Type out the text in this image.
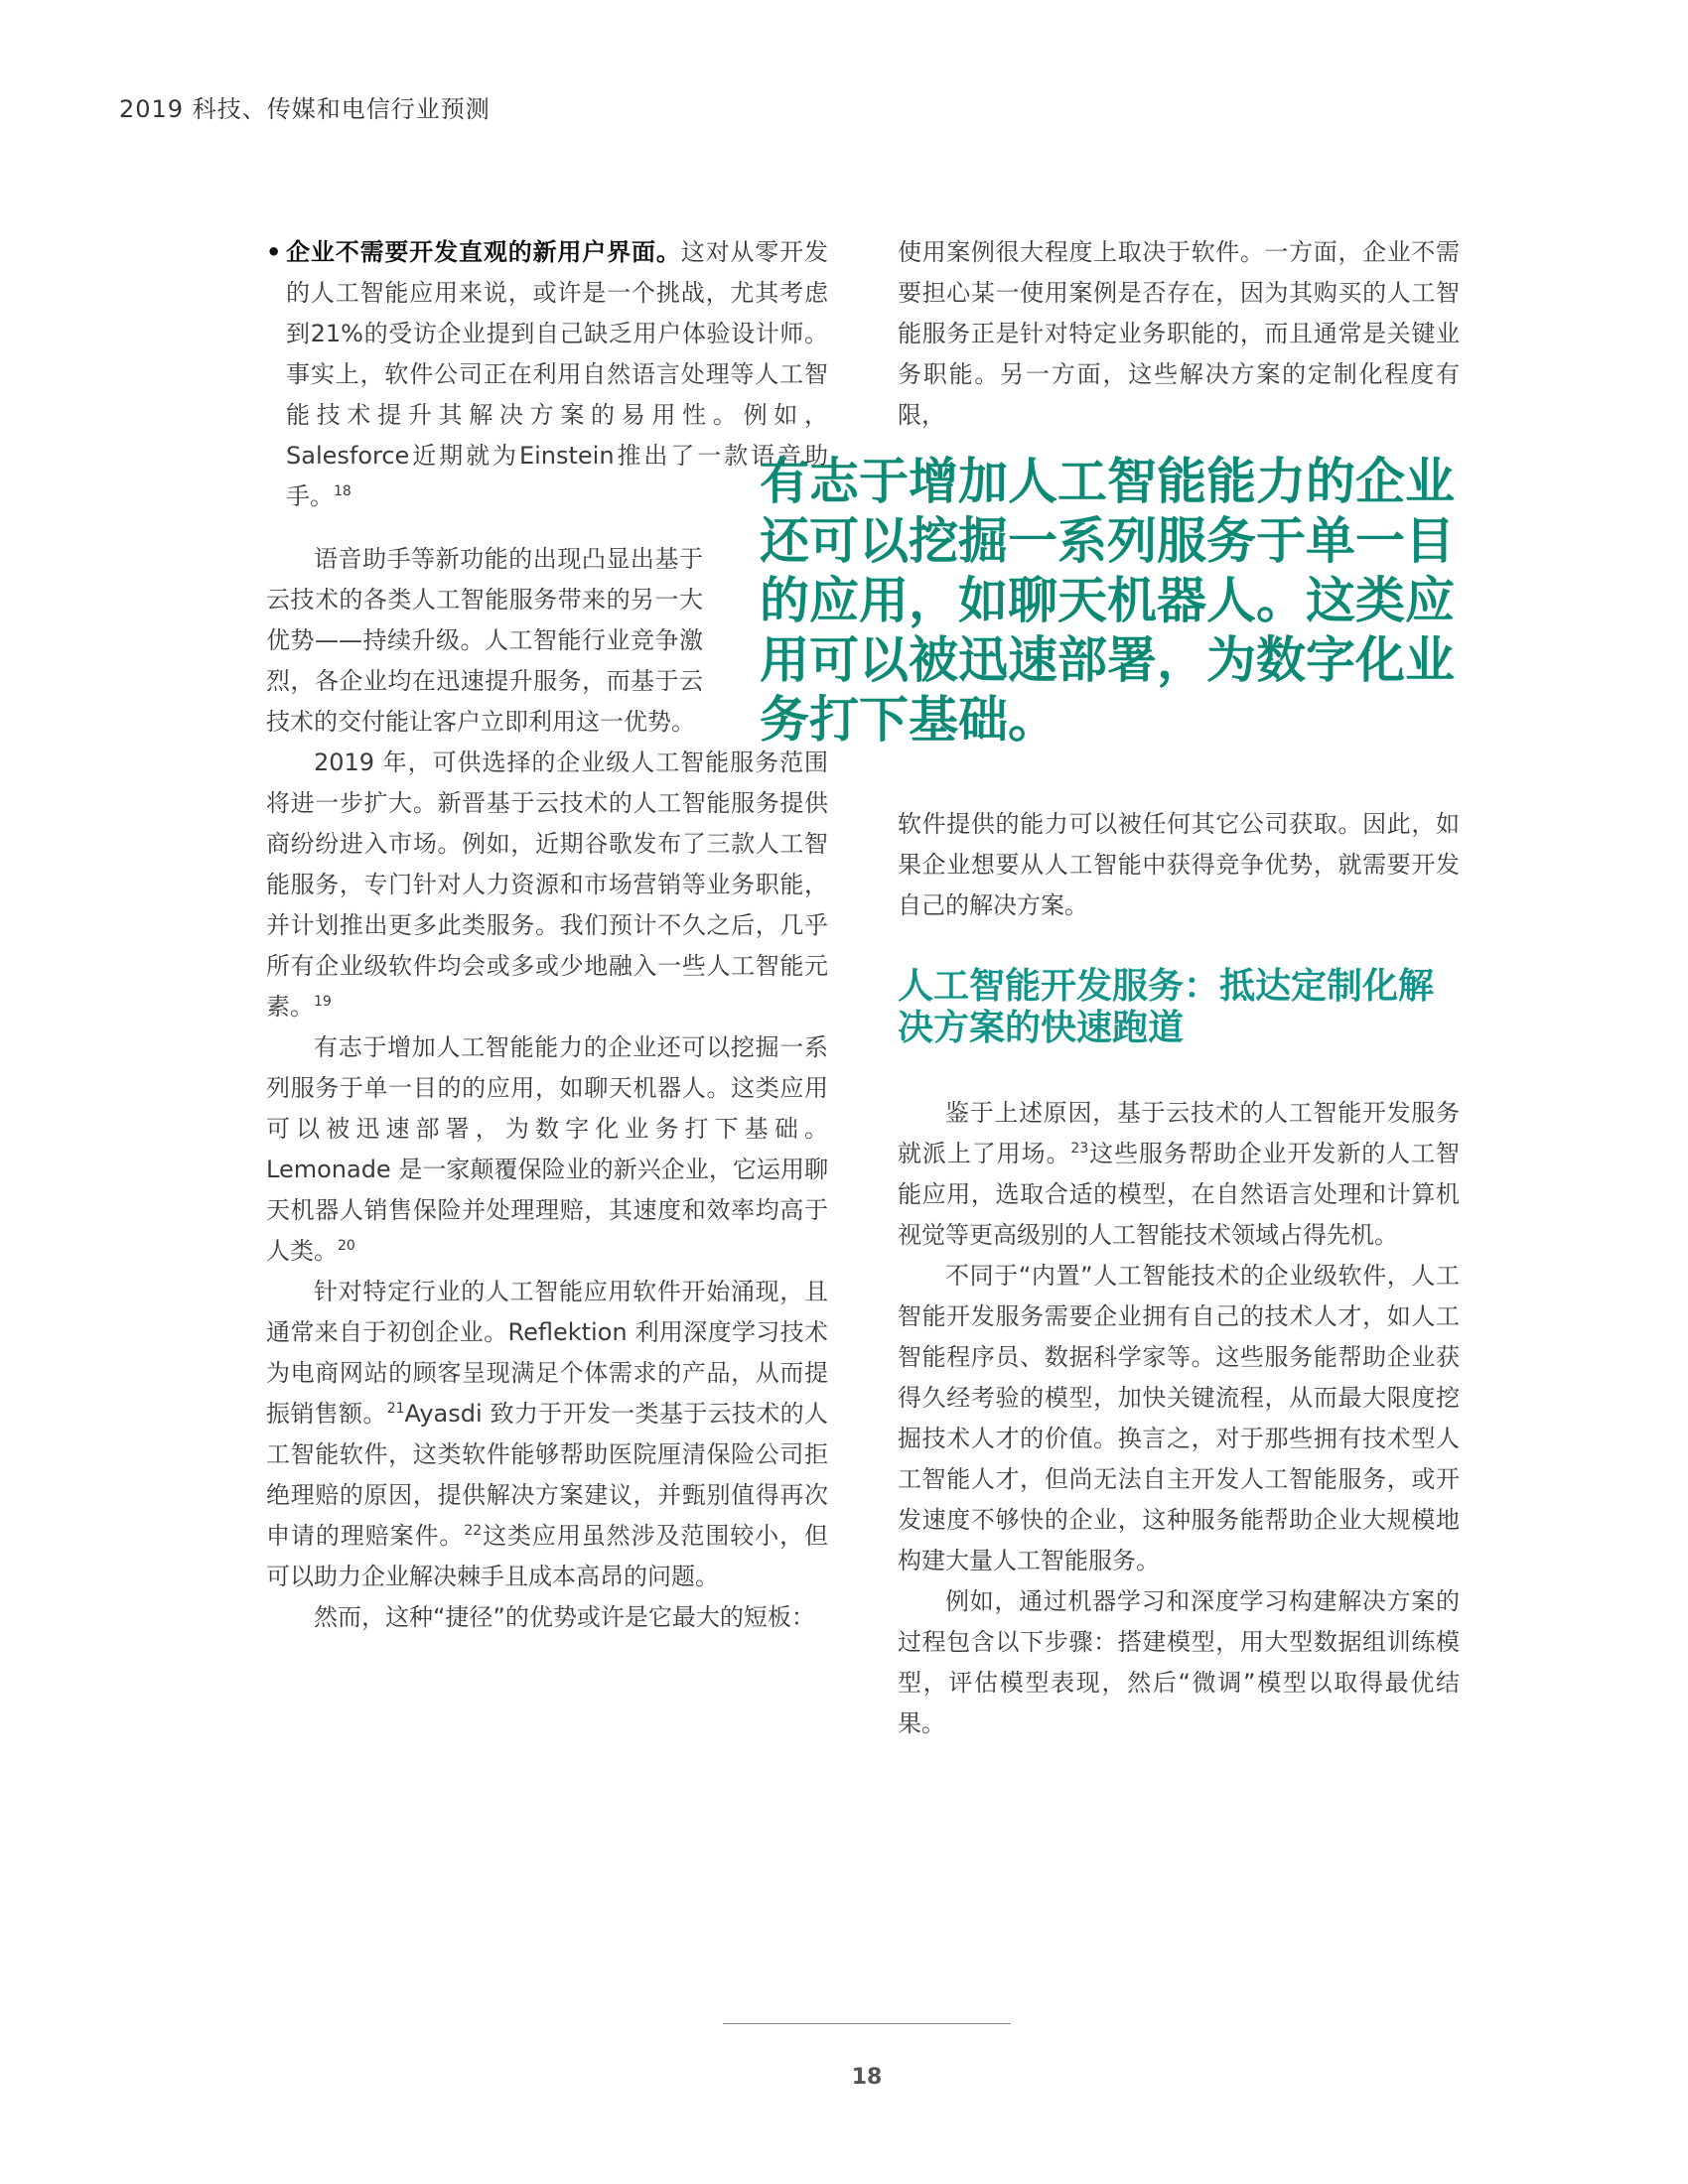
2019 科技、传媒和电信行业预测

• 企业不需要开发直观的新用户界面。这对从零开发的人工智能应用来说，或许是一个挑战，尤其考虑到21%的受访企业提到自己缺乏用户体验设计师。事实上，软件公司正在利用自然语言处理等人工智能技术提升其解决方案的易用性。例如，Salesforce近期就为Einstein推出了一款语音助手。$^{18}$

语音助手等新功能的出现凸显出基于云技术的各类人工智能服务带来的另一大优势——持续升级。人工智能行业竞争激烈，各企业均在迅速提升服务，而基于云技术的交付能让客户立即利用这一优势。

2019 年，可供选择的企业级人工智能服务范围将进一步扩大。新晋基于云技术的人工智能服务提供商纷纷进入市场。例如，近期谷歌发布了三款人工智能服务，专门针对人力资源和市场营销等业务职能，并计划推出更多此类服务。我们预计不久之后，几乎所有企业级软件均会或多或少地融入一些人工智能元素。$^{19}$

有志于增加人工智能能力的企业还可以挖掘一系列服务于单一目的的应用，如聊天机器人。这类应用可以被迅速部署，为数字化业务打下基础。Lemonade 是一家颠覆保险业的新兴企业，它运用聊天机器人销售保险并处理理赔，其速度和效率均高于人类。$^{20}$

针对特定行业的人工智能应用软件开始涌现，且通常来自于初创企业。Reflektion 利用深度学习技术为电商网站的顾客呈现满足个体需求的产品，从而提振销售额。$^{21}$Ayasdi 致力于开发一类基于云技术的人工智能软件，这类软件能够帮助医院厘清保险公司拒绝理赔的原因，提供解决方案建议，并甄别值得再次申请的理赔案件。$^{22}$这类应用虽然涉及范围较小，但可以助力企业解决棘手且成本高昂的问题。

然而，这种“捷径”的优势或许是它最大的短板：

使用案例很大程度上取决于软件。一方面，企业不需要担心某一使用案例是否存在，因为其购买的人工智能服务正是针对特定业务职能的，而且通常是关键业务职能。另一方面，这些解决方案的定制化程度有限，

有志于增加人工智能能力的企业还可以挖掘一系列服务于单一目的应用，如聊天机器人。这类应用可以被迅速部署，为数字化业务打下基础。

软件提供的能力可以被任何其它公司获取。因此，如果企业想要从人工智能中获得竞争优势，就需要开发自己的解决方案。

人工智能开发服务：抵达定制化解决方案的快速跑道

鉴于上述原因，基于云技术的人工智能开发服务就派上了用场。$^{23}$这些服务帮助企业开发新的人工智能应用，选取合适的模型，在自然语言处理和计算机视觉等更高级别的人工智能技术领域占得先机。

不同于“内置”人工智能技术的企业级软件，人工智能开发服务需要企业拥有自己的技术人才，如人工智能程序员、数据科学家等。这些服务能帮助企业获得久经考验的模型，加快关键流程，从而最大限度挖掘技术人才的价值。换言之，对于那些拥有技术型人工智能人才，但尚无法自主开发人工智能服务，或开发速度不够快的企业，这种服务能帮助企业大规模地构建大量人工智能服务。

例如，通过机器学习和深度学习构建解决方案的过程包含以下步骤：搭建模型，用大型数据组训练模型，评估模型表现，然后“微调”模型以取得最优结果。

18
